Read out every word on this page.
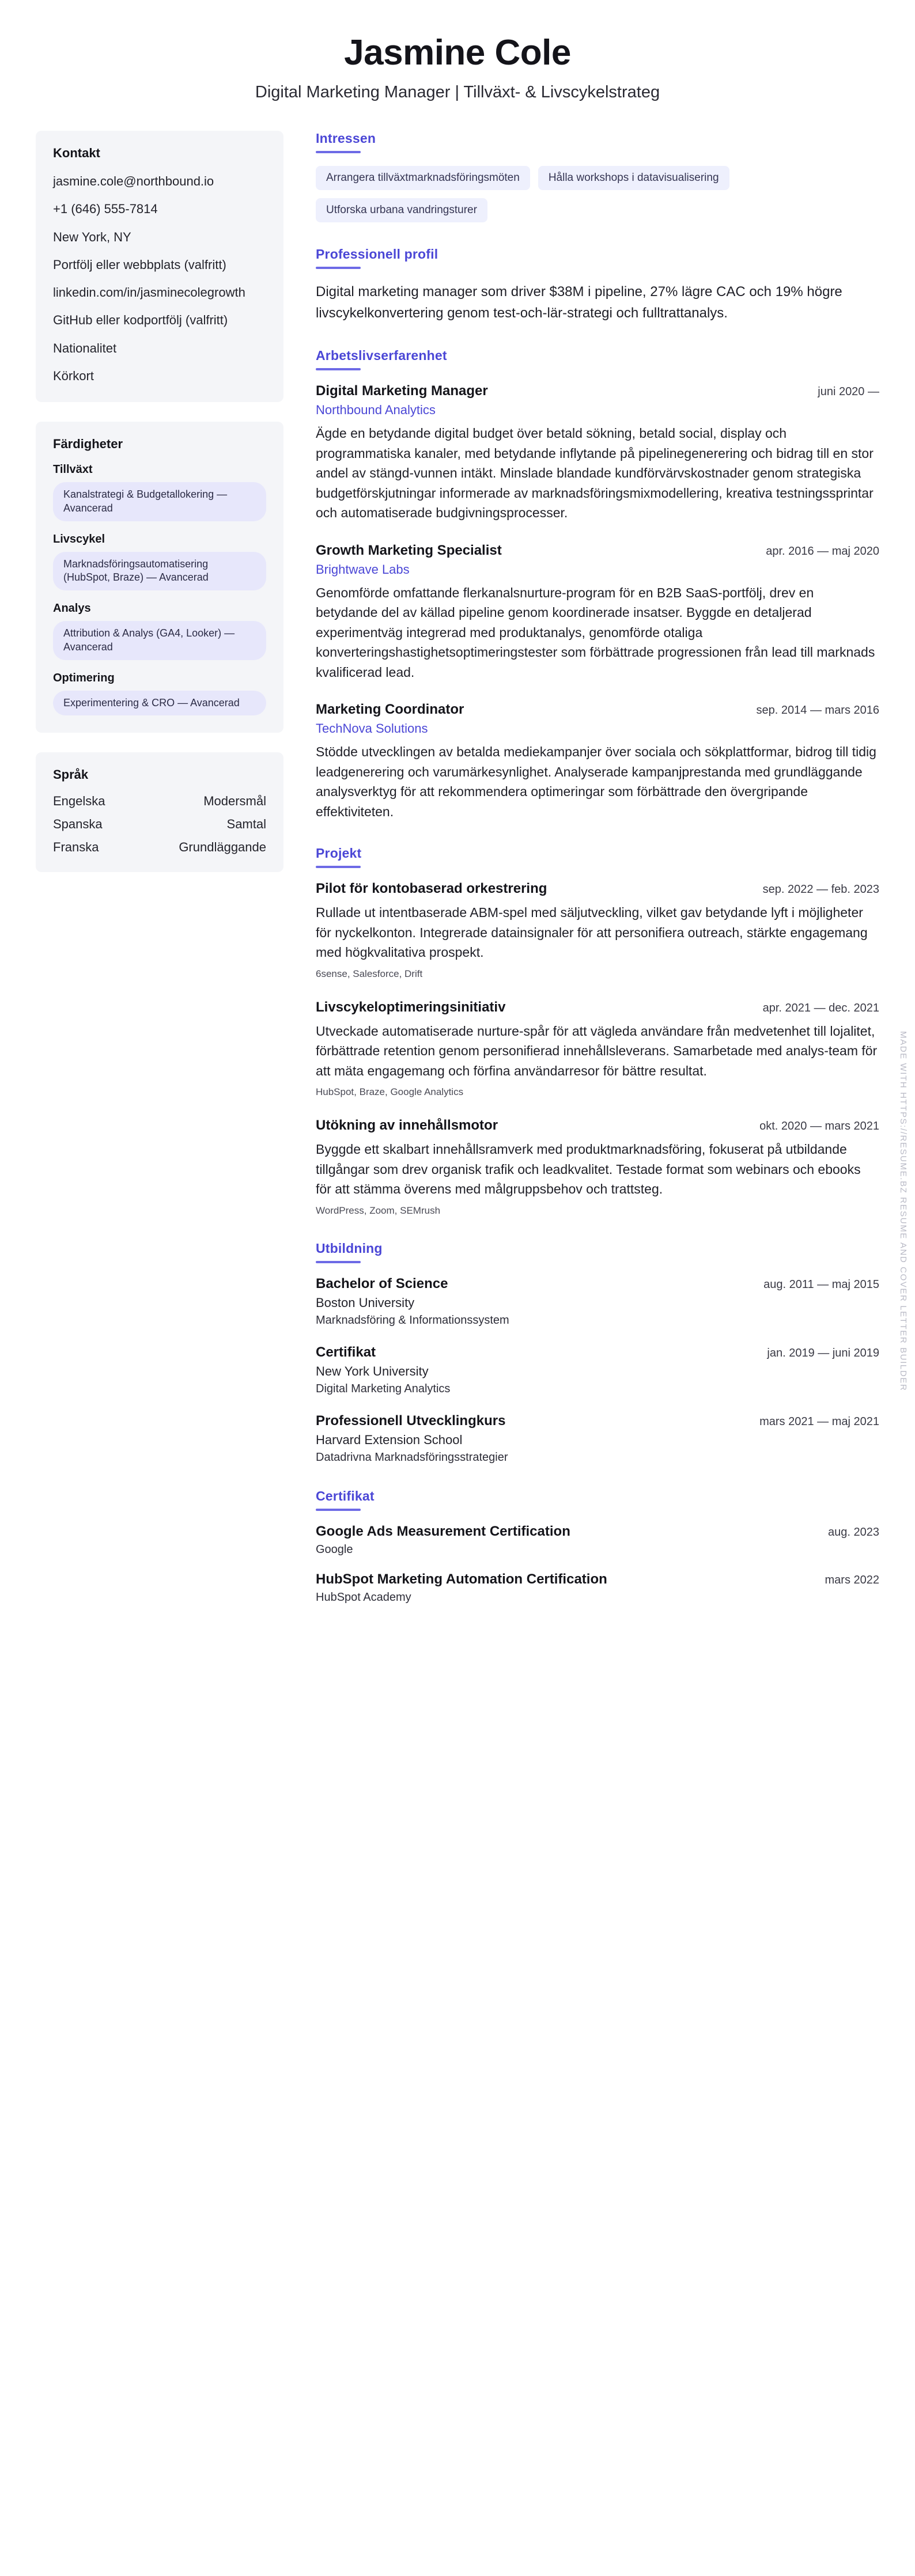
Jasmine Cole
Digital Marketing Manager | Tillväxt- & Livscykelstrateg
Kontakt
jasmine.cole@northbound.io
+1 (646) 555-7814
New York, NY
Portfölj eller webbplats (valfritt)
linkedin.com/in/jasminecolegrowth
GitHub eller kodportfölj (valfritt)
Nationalitet
Körkort
Färdigheter
Tillväxt
Kanalstrategi & Budgetallokering — Avancerad
Livscykel
Marknadsföringsautomatisering (HubSpot, Braze) — Avancerad
Analys
Attribution & Analys (GA4, Looker) — Avancerad
Optimering
Experimentering & CRO — Avancerad
Språk
Engelska	Modersmål
Spanska	Samtal
Franska	Grundläggande
Intressen
Arrangera tillväxtmarknadsföringsmöten	Hålla workshops i datavisualisering
Utforska urbana vandringsturer
Professionell profil
Digital marketing manager som driver $38M i pipeline, 27% lägre CAC och 19% högre livscykelkonvertering genom test-och-lär-strategi och fulltrattanalys.
Arbetslivserfarenhet
Digital Marketing Manager	juni 2020 —
Northbound Analytics
Ägde en betydande digital budget över betald sökning, betald social, display och programmatiska kanaler, med betydande inflytande på pipelinegenerering och bidrag till en stor andel av stängd-vunnen intäkt. Minslade blandade kundförvärvskostnader genom strategiska budgetförskjutningar informerade av marknadsföringsmixmodellering, kreativa testningssprintar och automatiserade budgivningsprocesser.
Growth Marketing Specialist	apr. 2016 — maj 2020
Brightwave Labs
Genomförde omfattande flerkanalsnurture-program för en B2B SaaS-portfölj, drev en betydande del av källad pipeline genom koordinerade insatser. Byggde en detaljerad experimentväg integrerad med produktanalys, genomförde otaliga konverteringshastighetsoptimeringstester som förbättrade progressionen från lead till marknads kvalificerad lead.
Marketing Coordinator	sep. 2014 — mars 2016
TechNova Solutions
Stödde utvecklingen av betalda mediekampanjer över sociala och sökplattformar, bidrog till tidig leadgenerering och varumärkesynlighet. Analyserade kampanjprestanda med grundläggande analysverktyg för att rekommendera optimeringar som förbättrade den övergripande effektiviteten.
Projekt
Pilot för kontobaserad orkestrering	sep. 2022 — feb. 2023
Rullade ut intentbaserade ABM-spel med säljutveckling, vilket gav betydande lyft i möjligheter för nyckelkonton. Integrerade datainsignaler för att personifiera outreach, stärkte engagemang med högkvalitativa prospekt.
6sense, Salesforce, Drift
Livscykeloptimeringsinitiativ	apr. 2021 — dec. 2021
Utveckade automatiserade nurture-spår för att vägleda användare från medvetenhet till lojalitet, förbättrade retention genom personifierad innehållsleverans. Samarbetade med analys-team för att mäta engagemang och förfina användarresor för bättre resultat.
HubSpot, Braze, Google Analytics
Utökning av innehållsmotor	okt. 2020 — mars 2021
Byggde ett skalbart innehållsramverk med produktmarknadsföring, fokuserat på utbildande tillgångar som drev organisk trafik och leadkvalitet. Testade format som webinars och ebooks för att stämma överens med målgruppsbehov och trattsteg.
WordPress, Zoom, SEMrush
Utbildning
Bachelor of Science	aug. 2011 — maj 2015
Boston University
Marknadsföring & Informationssystem
Certifikat	jan. 2019 — juni 2019
New York University
Digital Marketing Analytics
Professionell Utvecklingkurs	mars 2021 — maj 2021
Harvard Extension School
Datadrivna Marknadsföringsstrategier
Certifikat
Google Ads Measurement Certification	aug. 2023
Google
HubSpot Marketing Automation Certification	mars 2022
HubSpot Academy
MADE WITH HTTPS://RESUME.BZ RESUME AND COVER LETTER BUILDER
